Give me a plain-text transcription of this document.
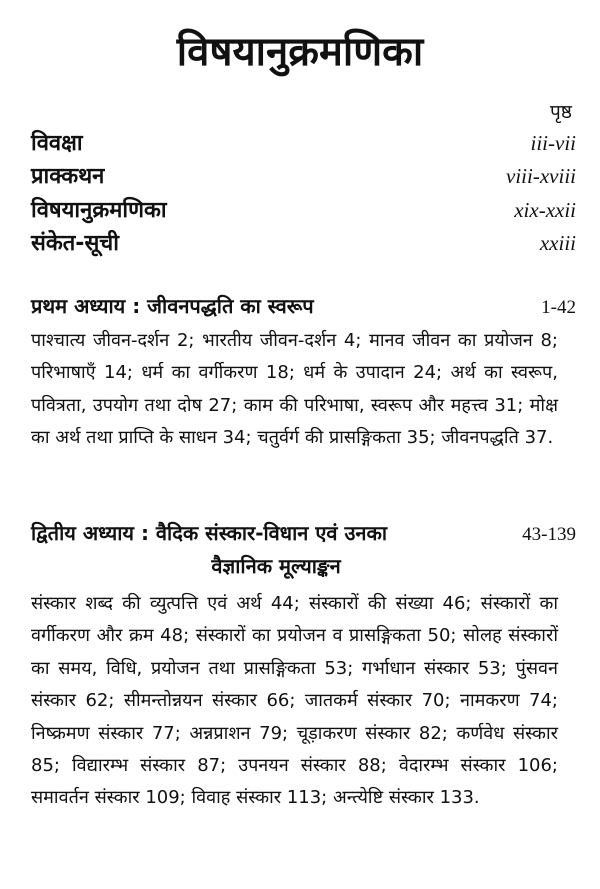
विषयानुक्रमणिका
पृष्ठ
विवक्षा	iii-vii
प्राक्कथन	viii-xviii
विषयानुक्रमणिका	xix-xxii
संकेत-सूची	xxiii
प्रथम अध्याय : जीवनपद्धति का स्वरूप	1-42
पाश्चात्य जीवन-दर्शन 2; भारतीय जीवन-दर्शन 4; मानव जीवन का प्रयोजन 8; परिभाषाएँ 14; धर्म का वर्गीकरण 18; धर्म के उपादान 24; अर्थ का स्वरूप, पवित्रता, उपयोग तथा दोष 27; काम की परिभाषा, स्वरूप और महत्त्व 31; मोक्ष का अर्थ तथा प्राप्ति के साधन 34; चतुर्वर्ग की प्रासङ्गिकता 35; जीवनपद्धति 37.
द्वितीय अध्याय : वैदिक संस्कार-विधान एवं उनका	43-139
वैज्ञानिक मूल्याङ्कन
संस्कार शब्द की व्युत्पत्ति एवं अर्थ 44; संस्कारों की संख्या 46; संस्कारों का वर्गीकरण और क्रम 48; संस्कारों का प्रयोजन व प्रासङ्गिकता 50; सोलह संस्कारों का समय, विधि, प्रयोजन तथा प्रासङ्गिकता 53; गर्भाधान संस्कार 53; पुंसवन संस्कार 62; सीमन्तोन्नयन संस्कार 66; जातकर्म संस्कार 70; नामकरण 74; निष्क्रमण संस्कार 77; अन्नप्राशन 79; चूड़ाकरण संस्कार 82; कर्णवेध संस्कार 85; विद्यारम्भ संस्कार 87; उपनयन संस्कार 88; वेदारम्भ संस्कार 106; समावर्तन संस्कार 109; विवाह संस्कार 113; अन्त्येष्टि संस्कार 133.
